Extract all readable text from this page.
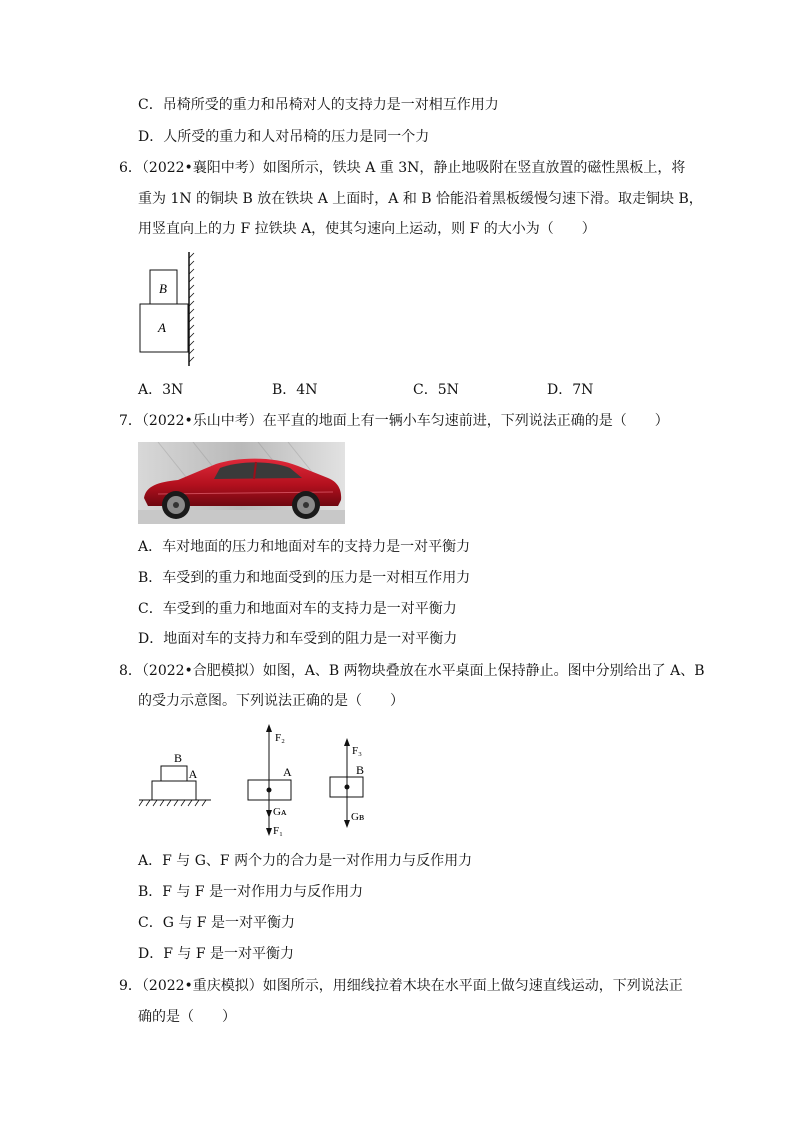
C．吊椅所受的重力和吊椅对人的支持力是一对相互作用力
D．人所受的重力和人对吊椅的压力是同一个力
6．（2022•襄阳中考）如图所示，铁块 A 重 3N，静止地吸附在竖直放置的磁性黑板上，将
重为 1N 的铜块 B 放在铁块 A 上面时，A 和 B 恰能沿着黑板缓慢匀速下滑。取走铜块 B，
用竖直向上的力 F 拉铁块 A，使其匀速向上运动，则 F 的大小为（　　）
B
A
A．3N	B．4N	C．5N	D．7N
7．（2022•乐山中考）在平直的地面上有一辆小车匀速前进，下列说法正确的是（　　）
A．车对地面的压力和地面对车的支持力是一对平衡力
B．车受到的重力和地面受到的压力是一对相互作用力
C．车受到的重力和地面对车的支持力是一对平衡力
D．地面对车的支持力和车受到的阻力是一对平衡力
8．（2022•合肥模拟）如图，A、B 两物块叠放在水平桌面上保持静止。图中分别给出了 A、B
的受力示意图。下列说法正确的是（　　）
B
A
F₂
A
Gᴀ
F₁
F₃
B
Gʙ
A．F 与 G、F 两个力的合力是一对作用力与反作用力
B．F 与 F 是一对作用力与反作用力
C．G 与 F 是一对平衡力
D．F 与 F 是一对平衡力
9．（2022•重庆模拟）如图所示，用细线拉着木块在水平面上做匀速直线运动，下列说法正
确的是（　　）
